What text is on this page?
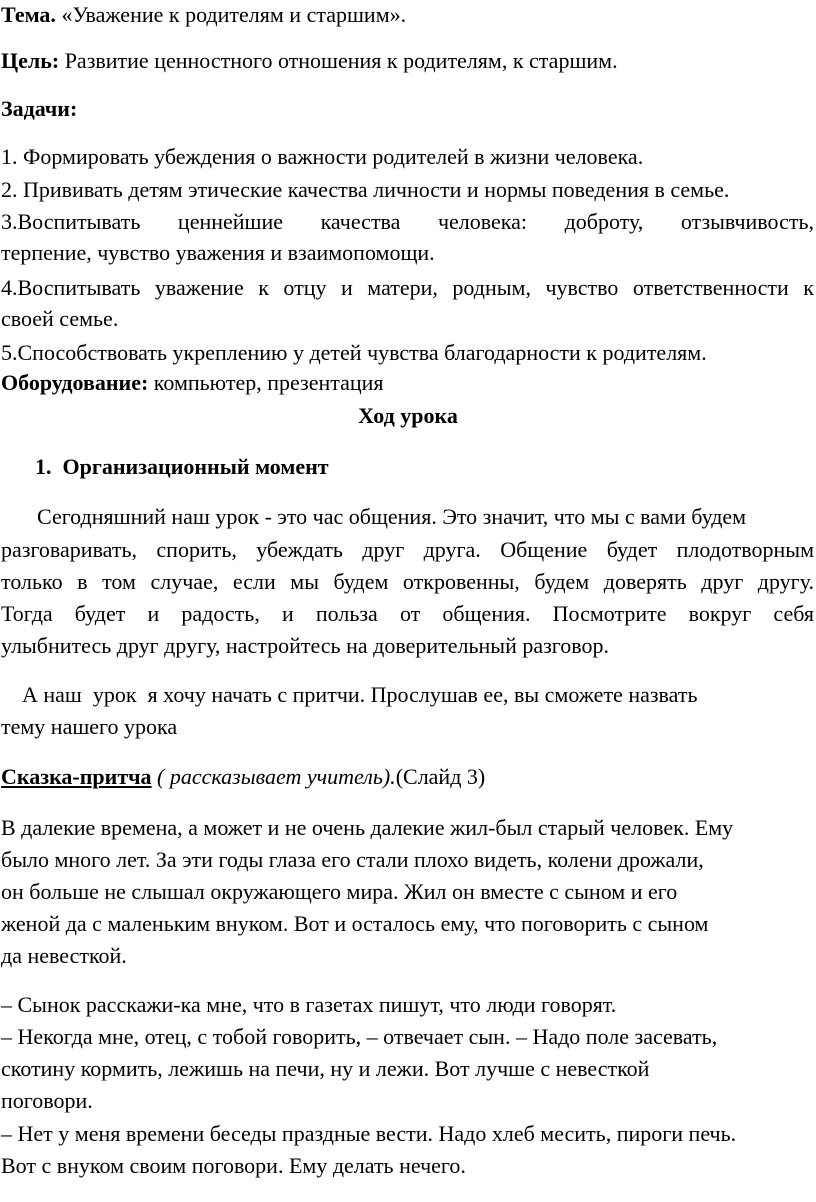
Тема. «Уважение к родителям и старшим».
Цель: Развитие ценностного отношения к родителям, к старшим.
Задачи:
1. Формировать убеждения о важности родителей в жизни человека.
2. Прививать детям этические качества личности и нормы поведения в семье.
3.Воспитывать ценнейшие качества человека: доброту, отзывчивость,
терпение, чувство уважения и взаимопомощи.
4.Воспитывать уважение к отцу и матери, родным, чувство ответственности к
своей семье.
5.Способствовать укреплению у детей чувства благодарности к родителям.
Оборудование: компьютер, презентация
Ход урока
1. Организационный момент
Сегодняшний наш урок - это час общения. Это значит, что мы с вами будем
разговаривать, спорить, убеждать друг друга. Общение будет плодотворным
только в том случае, если мы будем откровенны, будем доверять друг другу.
Тогда будет и радость, и польза от общения. Посмотрите вокруг себя
улыбнитесь друг другу, настройтесь на доверительный разговор.
А наш  урок  я хочу начать с притчи. Прослушав ее, вы сможете назвать
тему нашего урока
Сказка-притча ( рассказывает учитель).(Слайд 3)
В далекие времена, а может и не очень далекие жил-был старый человек. Ему
было много лет. За эти годы глаза его стали плохо видеть, колени дрожали,
он больше не слышал окружающего мира. Жил он вместе с сыном и его
женой да с маленьким внуком. Вот и осталось ему, что поговорить с сыном
да невесткой.
– Сынок расскажи-ка мне, что в газетах пишут, что люди говорят.
– Некогда мне, отец, с тобой говорить, – отвечает сын. – Надо поле засевать,
скотину кормить, лежишь на печи, ну и лежи. Вот лучше с невесткой
поговори.
– Нет у меня времени беседы праздные вести. Надо хлеб месить, пироги печь.
Вот с внуком своим поговори. Ему делать нечего.
